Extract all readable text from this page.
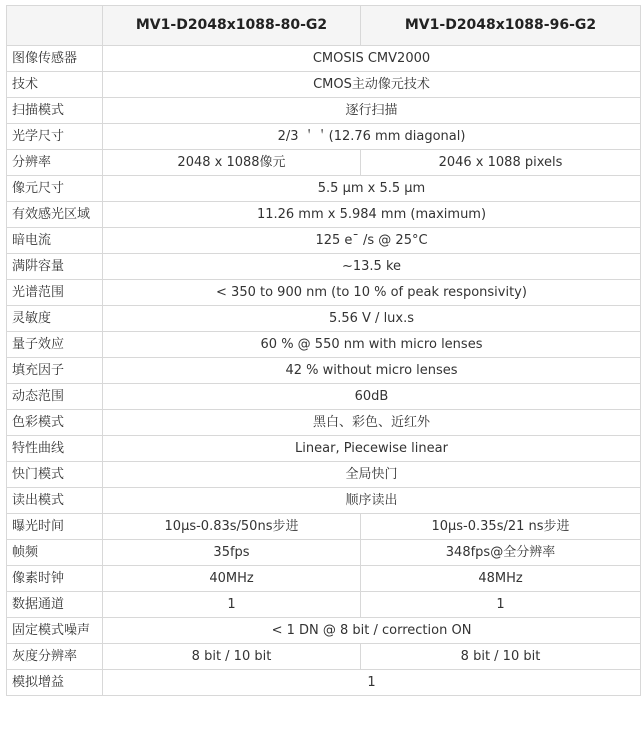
	MV1-D2048x1088-80-G2	MV1-D2048x1088-96-G2
图像传感器	CMOSIS CMV2000	
技术	CMOS主动像元技术	
扫描模式	逐行扫描	
光学尺寸	2/3 ＇＇(12.76 mm diagonal)	
分辨率	2048 x 1088像元	2046 x 1088 pixels
像元尺寸	5.5 μm x 5.5 μm	
有效感光区域	11.26 mm x 5.984 mm (maximum)	
暗电流	125 e¯ /s @ 25°C	
满阱容量	~13.5 ke	
光谱范围	< 350 to 900 nm (to 10 % of peak responsivity)	
灵敏度	5.56 V / lux.s	
量子效应	60 % @ 550 nm with micro lenses	
填充因子	42 % without micro lenses	
动态范围	60dB	
色彩模式	黑白、彩色、近红外	
特性曲线	Linear, Piecewise linear	
快门模式	全局快门	
读出模式	顺序读出	
曝光时间	10μs-0.83s/50ns步进	10μs-0.35s/21 ns步进
帧频	35fps	348fps@全分辨率
像素时钟	40MHz	48MHz
数据通道	1	1
固定模式噪声	< 1 DN @ 8 bit / correction ON	
灰度分辨率	8 bit / 10 bit	8 bit / 10 bit
模拟增益	1	
